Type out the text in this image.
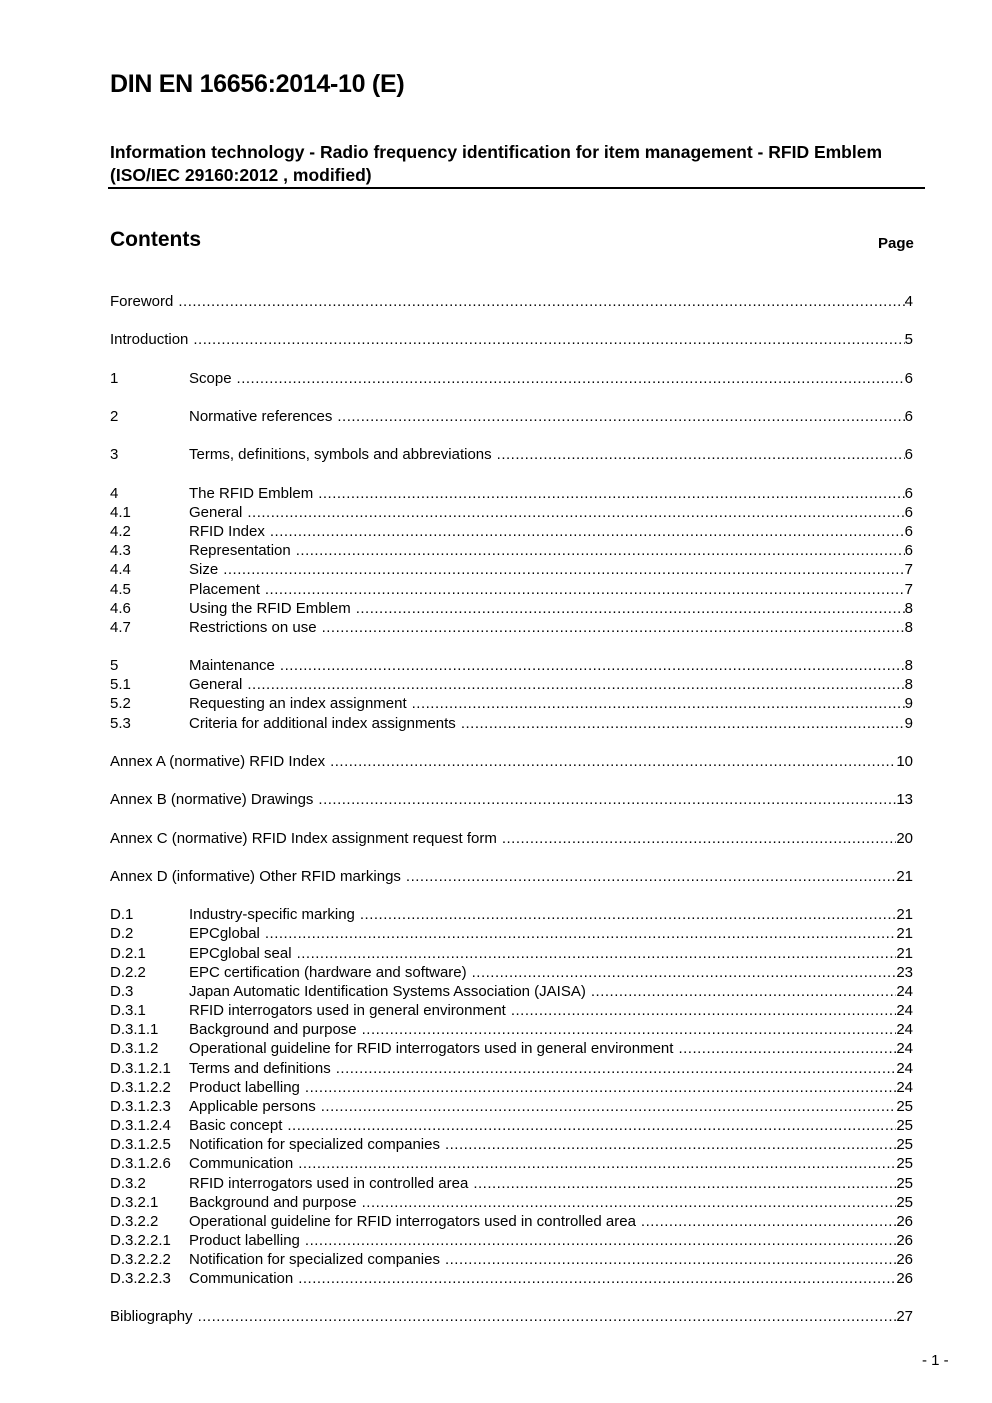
DIN EN 16656:2014-10 (E)
Information technology - Radio frequency identification for item management - RFID Emblem (ISO/IEC 29160:2012 , modified)
Contents	Page
Foreword .....	4
Introduction .....	5
1	Scope .....	6
2	Normative references .....	6
3	Terms, definitions, symbols and abbreviations .....	6
4	The RFID Emblem .....	6
4.1	General .....	6
4.2	RFID Index .....	6
4.3	Representation .....	6
4.4	Size .....	7
4.5	Placement .....	7
4.6	Using the RFID Emblem .....	8
4.7	Restrictions on use .....	8
5	Maintenance .....	8
5.1	General .....	8
5.2	Requesting an index assignment .....	9
5.3	Criteria for additional index assignments .....	9
Annex A (normative) RFID Index .....	10
Annex B (normative) Drawings .....	13
Annex C (normative) RFID Index assignment request form .....	20
Annex D (informative) Other RFID markings .....	21
D.1	Industry-specific marking .....	21
D.2	EPCglobal .....	21
D.2.1	EPCglobal seal .....	21
D.2.2	EPC certification (hardware and software) .....	23
D.3	Japan Automatic Identification Systems Association (JAISA) .....	24
D.3.1	RFID interrogators used in general environment .....	24
D.3.1.1	Background and purpose .....	24
D.3.1.2	Operational guideline for RFID interrogators used in general environment .....	24
D.3.1.2.1	Terms and definitions .....	24
D.3.1.2.2	Product labelling .....	24
D.3.1.2.3	Applicable persons .....	25
D.3.1.2.4	Basic concept .....	25
D.3.1.2.5	Notification for specialized companies .....	25
D.3.1.2.6	Communication .....	25
D.3.2	RFID interrogators used in controlled area .....	25
D.3.2.1	Background and purpose .....	25
D.3.2.2	Operational guideline for RFID interrogators used in controlled area .....	26
D.3.2.2.1	Product labelling .....	26
D.3.2.2.2	Notification for specialized companies .....	26
D.3.2.2.3	Communication .....	26
Bibliography .....	27
- 1 -
